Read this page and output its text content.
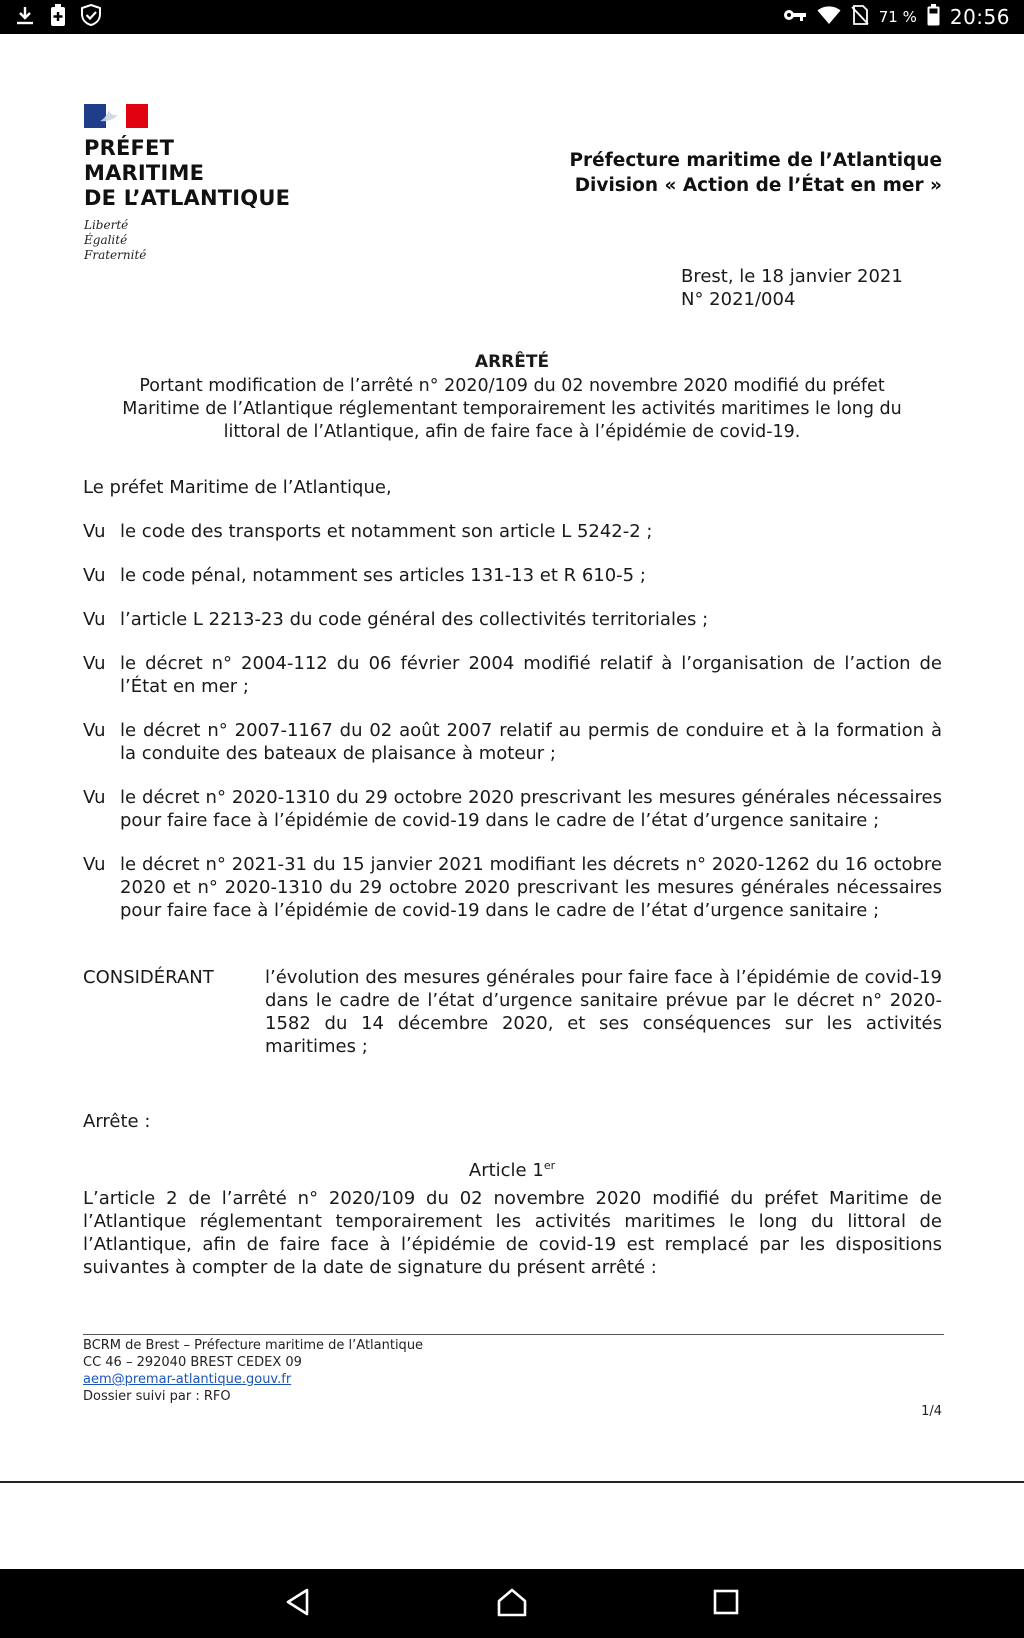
71 % 20:56
PRÉFET
MARITIME
DE L’ATLANTIQUE
Liberté
Égalité
Fraternité
Préfecture maritime de l’Atlantique
Division « Action de l’État en mer »
Brest, le 18 janvier 2021
N° 2021/004
ARRÊTÉ
Portant modification de l’arrêté n° 2020/109 du 02 novembre 2020 modifié du préfet Maritime de l’Atlantique réglementant temporairement les activités maritimes le long du littoral de l’Atlantique, afin de faire face à l’épidémie de covid-19.
Le préfet Maritime de l’Atlantique,
Vu le code des transports et notamment son article L 5242-2 ;
Vu le code pénal, notamment ses articles 131-13 et R 610-5 ;
Vu l’article L 2213-23 du code général des collectivités territoriales ;
Vu le décret n° 2004-112 du 06 février 2004 modifié relatif à l’organisation de l’action de l’État en mer ;
Vu le décret n° 2007-1167 du 02 août 2007 relatif au permis de conduire et à la formation à la conduite des bateaux de plaisance à moteur ;
Vu le décret n° 2020-1310 du 29 octobre 2020 prescrivant les mesures générales nécessaires pour faire face à l’épidémie de covid-19 dans le cadre de l’état d’urgence sanitaire ;
Vu le décret n° 2021-31 du 15 janvier 2021 modifiant les décrets n° 2020-1262 du 16 octobre 2020 et n° 2020-1310 du 29 octobre 2020 prescrivant les mesures générales nécessaires pour faire face à l’épidémie de covid-19 dans le cadre de l’état d’urgence sanitaire ;
CONSIDÉRANT	l’évolution des mesures générales pour faire face à l’épidémie de covid-19 dans le cadre de l’état d’urgence sanitaire prévue par le décret n° 2020-1582 du 14 décembre 2020, et ses conséquences sur les activités maritimes ;
Arrête :
Article 1er
L’article 2 de l’arrêté n° 2020/109 du 02 novembre 2020 modifié du préfet Maritime de l’Atlantique réglementant temporairement les activités maritimes le long du littoral de l’Atlantique, afin de faire face à l’épidémie de covid-19 est remplacé par les dispositions suivantes à compter de la date de signature du présent arrêté :
BCRM de Brest – Préfecture maritime de l’Atlantique
CC 46 – 292040 BREST CEDEX 09
aem@premar-atlantique.gouv.fr
Dossier suivi par : RFO
1/4
